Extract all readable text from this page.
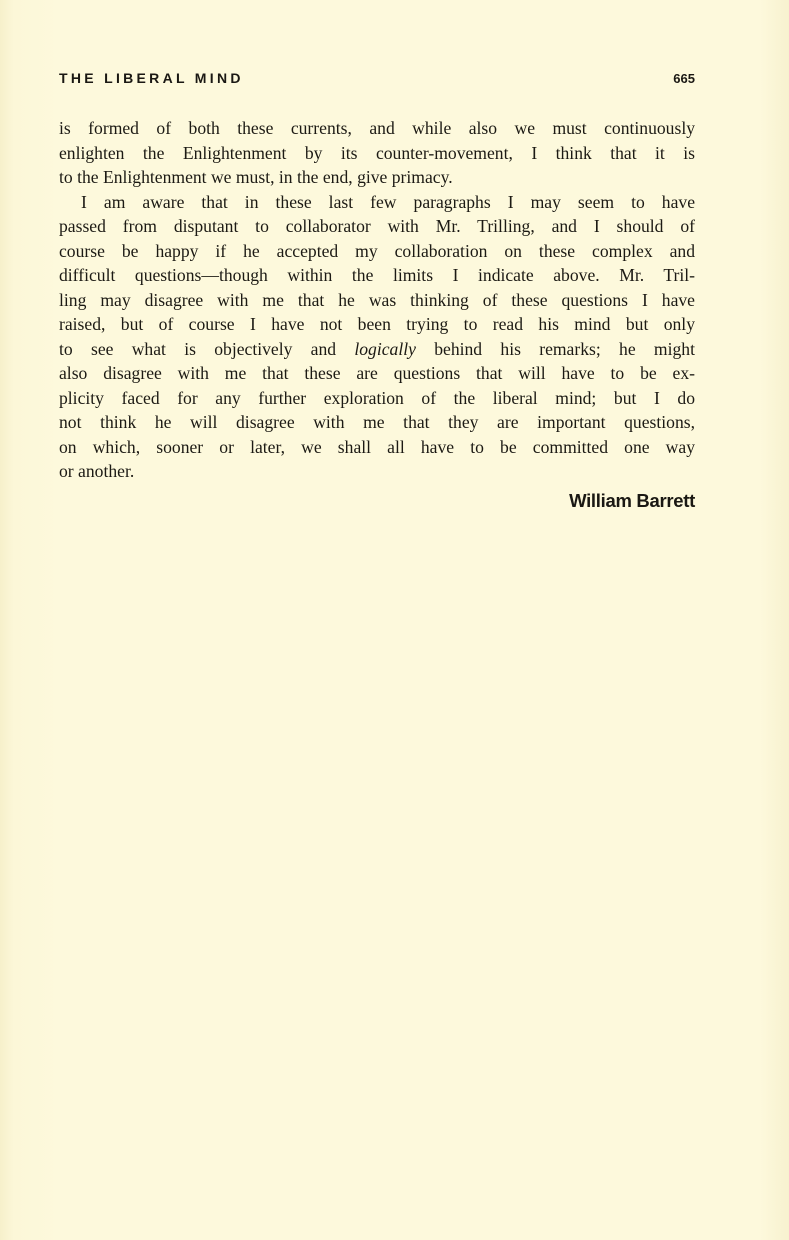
THE LIBERAL MIND	665

is formed of both these currents, and while also we must continuously
enlighten the Enlightenment by its counter-movement, I think that it is
to the Enlightenment we must, in the end, give primacy.

I am aware that in these last few paragraphs I may seem to have
passed from disputant to collaborator with Mr. Trilling, and I should of
course be happy if he accepted my collaboration on these complex and
difficult questions—though within the limits I indicate above. Mr. Tril-
ling may disagree with me that he was thinking of these questions I have
raised, but of course I have not been trying to read his mind but only
to see what is objectively and logically behind his remarks; he might
also disagree with me that these are questions that will have to be ex-
plicity faced for any further exploration of the liberal mind; but I do
not think he will disagree with me that they are important questions,
on which, sooner or later, we shall all have to be committed one way
or another.

William Barrett
